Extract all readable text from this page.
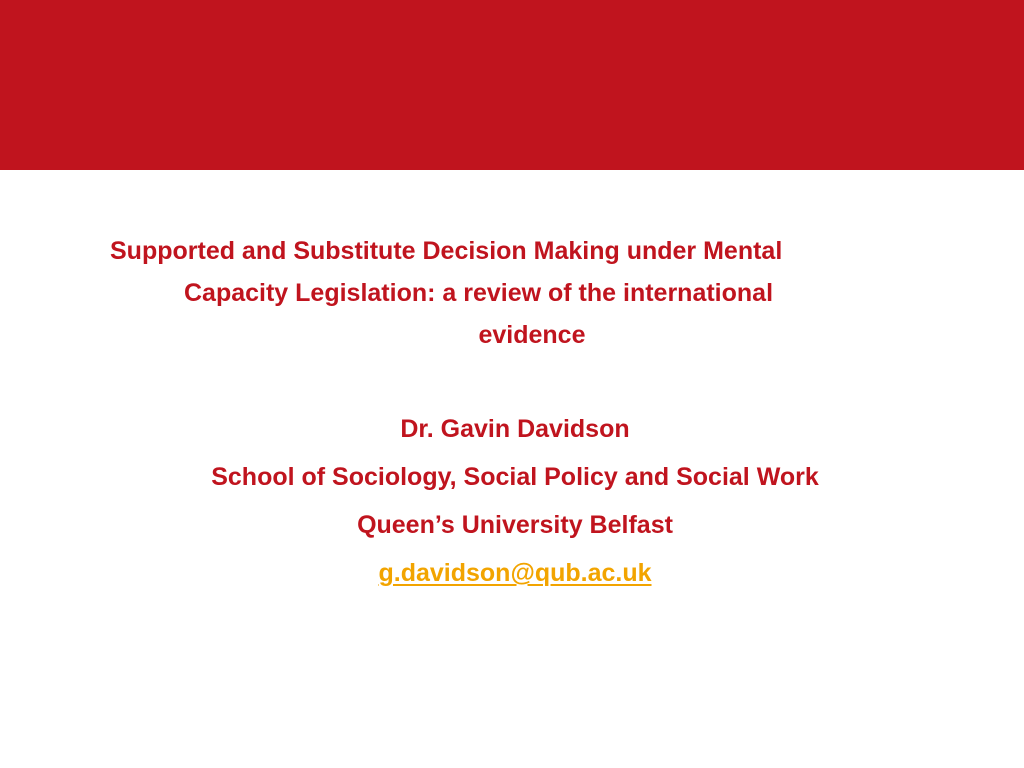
Supported and Substitute Decision Making under Mental
Capacity Legislation: a review of the international
evidence
Dr. Gavin Davidson
School of Sociology, Social Policy and Social Work
Queen’s University Belfast
g.davidson@qub.ac.uk
